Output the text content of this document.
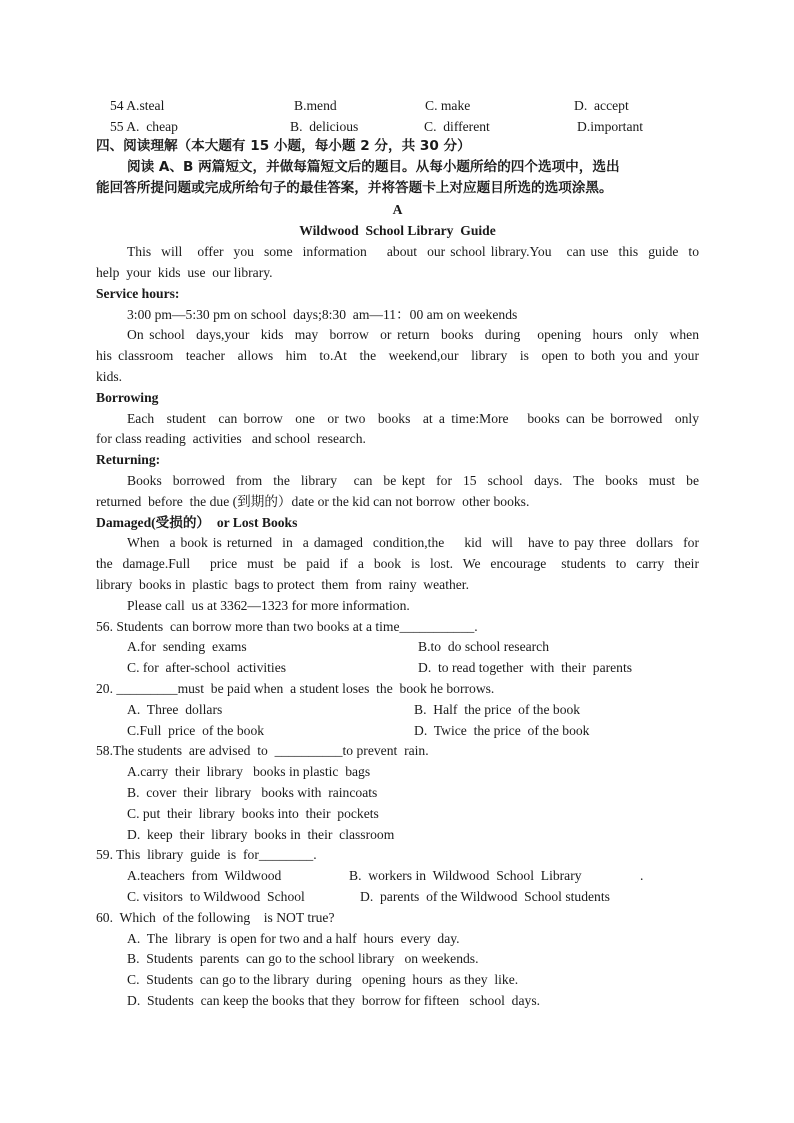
54 A.steal	B.mend	C. make	D.  accept
55 A.  cheap	B.  delicious	C.  different	D.important
四、阅读理解（本大题有 15 小题，每小题 2 分，共 30 分）
阅读 A、B 两篇短文，并做每篇短文后的题目。从每小题所给的四个选项中，选出
能回答所提问题或完成所给句子的最佳答案，并将答题卡上对应题目所选的选项涂黑。
A
Wildwood  School Library  Guide
This  will   offer  you  some  information    about  our school library.You   can use  this  guide  to
help  your  kids  use  our library.
Service hours:
3:00 pm—5:30 pm on school  days;8:30  am—11：00 am on weekends
On school  days,your  kids  may  borrow  or return  books  during   opening  hours  only  when
his classroom  teacher  allows  him  to.At  the  weekend,our  library  is  open to both you and your
kids.
Borrowing
Each  student  can borrow  one  or two  books  at a time:More   books can be borrowed  only
for class reading  activities   and school  research.
Returning:
Books  borrowed  from  the  library   can  be kept  for  15  school  days.  The  books  must  be
returned  before  the due (到期的）date or the kid can not borrow  other books.
Damaged(受损的）  or Lost Books
When  a book is returned  in  a damaged  condition,the    kid  will   have to pay three  dollars  for
the  damage.Full    price  must  be  paid  if  a  book  is  lost.  We  encourage   students  to  carry  their
library  books in  plastic  bags to protect  them  from  rainy  weather.
Please call  us at 3362—1323 for more information.
56. Students  can borrow more than two books at a time___________.
A.for  sending  exams	B.to  do school research
C. for  after-school  activities	D.  to read together  with  their  parents
20. _________must  be paid when  a student loses  the  book he borrows.
A.  Three  dollars	B.  Half  the price  of the book
C.Full  price  of the book	D.  Twice  the price  of the book
58.The students  are advised  to  __________to prevent  rain.
A.carry  their  library   books in plastic  bags
B.  cover  their  library   books with  raincoats
C. put  their  library  books into  their  pockets
D.  keep  their  library  books in  their  classroom
59. This  library  guide  is  for________.
A.teachers  from  Wildwood	B.  workers in  Wildwood  School  Library	.
C. visitors  to Wildwood  School	D.  parents  of the Wildwood  School students
60.  Which  of the following    is NOT true?
A.  The  library  is open for two and a half  hours  every  day.
B.  Students  parents  can go to the school library   on weekends.
C.  Students  can go to the library  during   opening  hours  as they  like.
D.  Students  can keep the books that they  borrow for fifteen   school  days.
